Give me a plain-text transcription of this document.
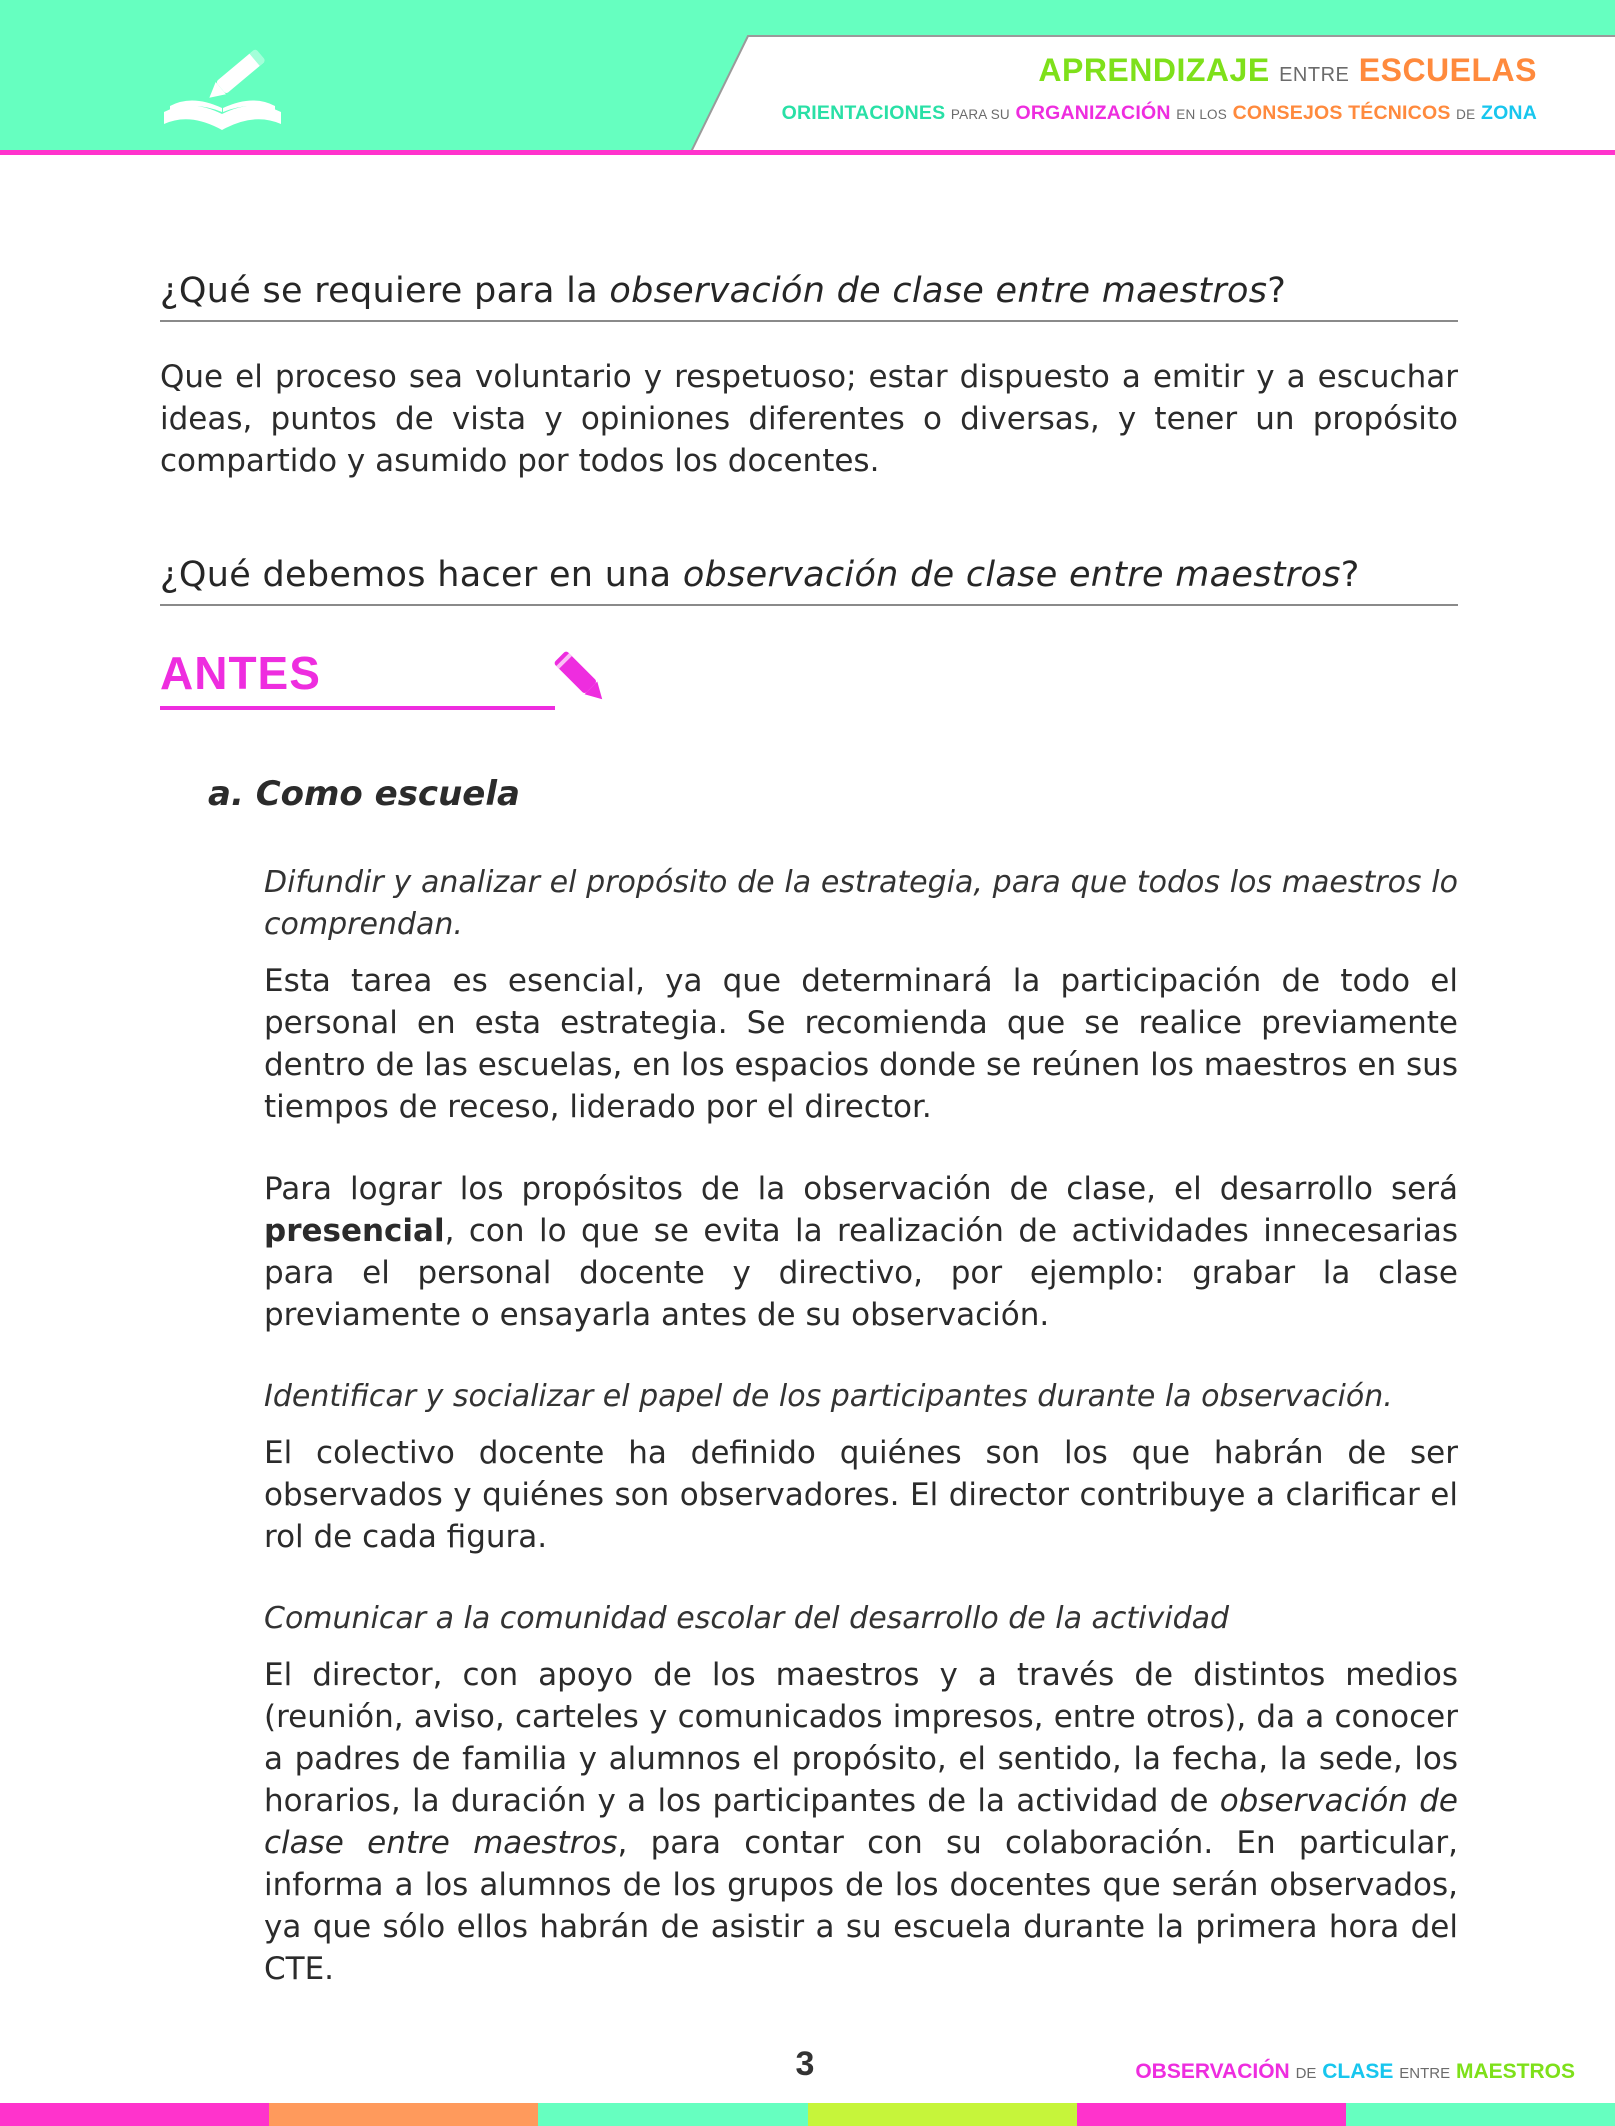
APRENDIZAJE ENTRE ESCUELAS
ORIENTACIONES PARA SU ORGANIZACIÓN EN LOS CONSEJOS TÉCNICOS DE ZONA
¿Qué se requiere para la observación de clase entre maestros?

Que el proceso sea voluntario y respetuoso; estar dispuesto a emitir y a escuchar ideas, puntos de vista y opiniones diferentes o diversas, y tener un propósito compartido y asumido por todos los docentes.

¿Qué debemos hacer en una observación de clase entre maestros?
ANTES
a. Como escuela

Difundir y analizar el propósito de la estrategia, para que todos los maestros lo comprendan.

Esta tarea es esencial, ya que determinará la participación de todo el personal en esta estrategia. Se recomienda que se realice previamente dentro de las escuelas, en los espacios donde se reúnen los maestros en sus tiempos de receso, liderado por el director.

Para lograr los propósitos de la observación de clase, el desarrollo será presencial, con lo que se evita la realización de actividades innecesarias para el personal docente y directivo, por ejemplo: grabar la clase previamente o ensayarla antes de su observación.

Identificar y socializar el papel de los participantes durante la observación.

El colectivo docente ha definido quiénes son los que habrán de ser observados y quiénes son observadores. El director contribuye a clarificar el rol de cada figura.

Comunicar a la comunidad escolar del desarrollo de la actividad

El director, con apoyo de los maestros y a través de distintos medios (reunión, aviso, carteles y comunicados impresos, entre otros), da a conocer a padres de familia y alumnos el propósito, el sentido, la fecha, la sede, los horarios, la duración y a los participantes de la actividad de observación de clase entre maestros, para contar con su colaboración. En particular, informa a los alumnos de los grupos de los docentes que serán observados, ya que sólo ellos habrán de asistir a su escuela durante la primera hora del CTE.

3	OBSERVACIÓN DE CLASE ENTRE MAESTROS
